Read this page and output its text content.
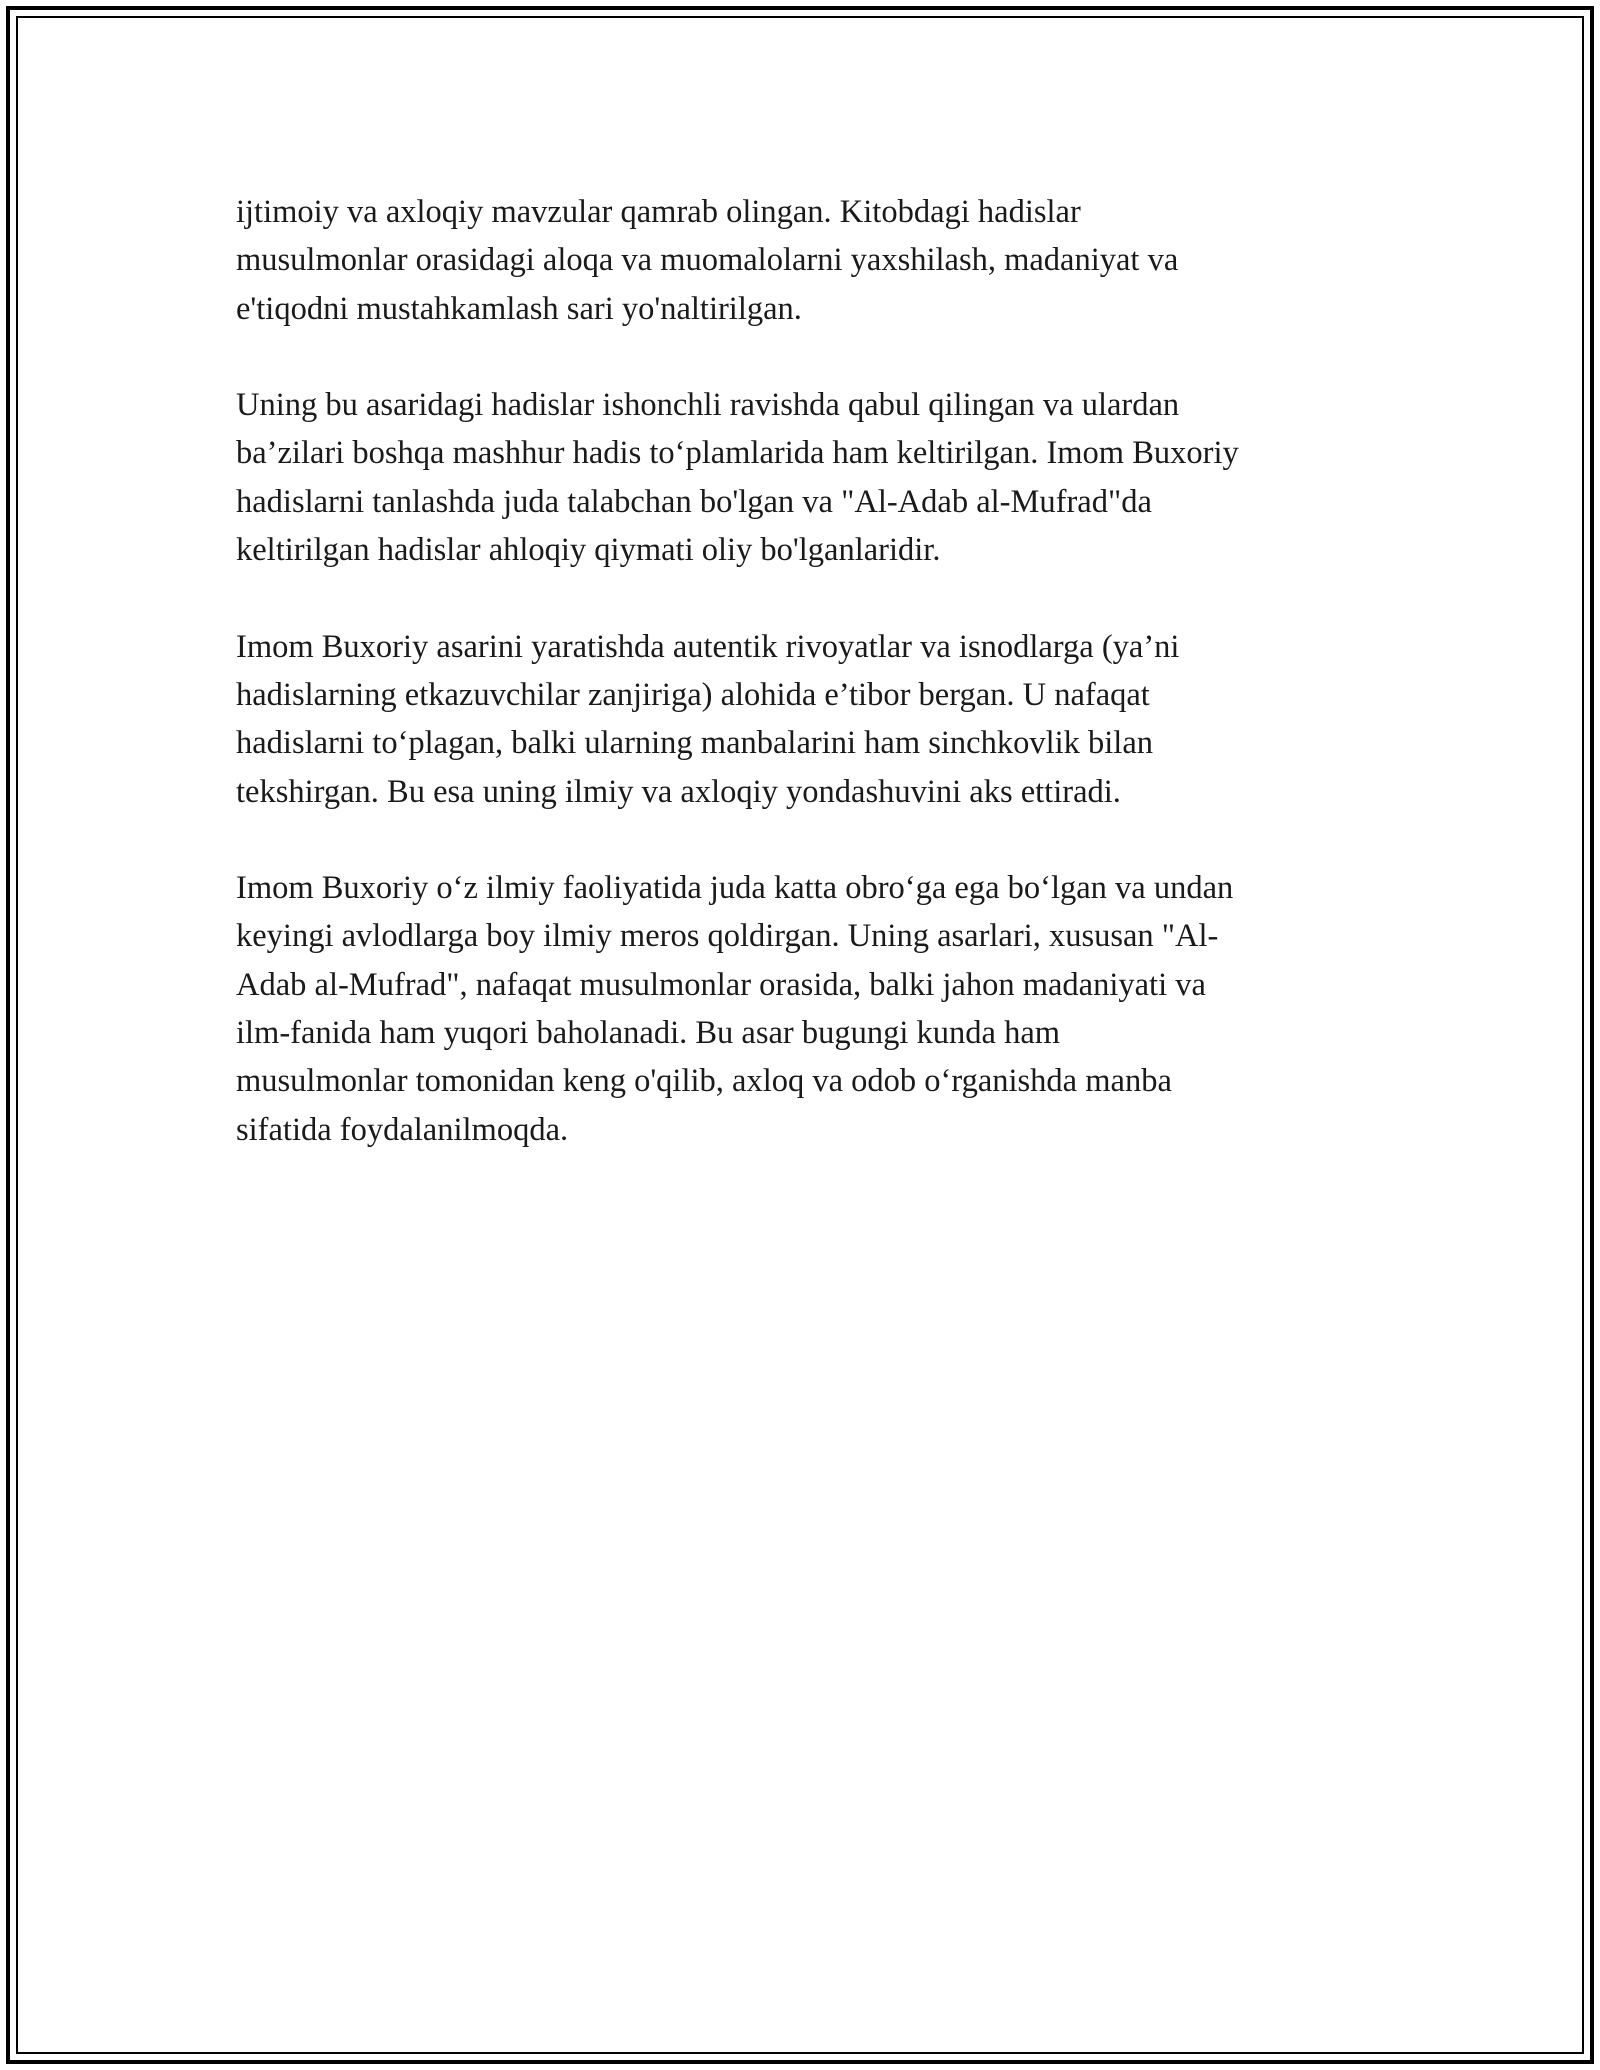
ijtimoiy va axloqiy mavzular qamrab olingan. Kitobdagi hadislar
musulmonlar orasidagi aloqa va muomalolarni yaxshilash, madaniyat va
e'tiqodni mustahkamlash sari yo'naltirilgan.

Uning bu asaridagi hadislar ishonchli ravishda qabul qilingan va ulardan
ba’zilari boshqa mashhur hadis to‘plamlarida ham keltirilgan. Imom Buxoriy
hadislarni tanlashda juda talabchan bo'lgan va "Al-Adab al-Mufrad"da
keltirilgan hadislar ahloqiy qiymati oliy bo'lganlaridir.

Imom Buxoriy asarini yaratishda autentik rivoyatlar va isnodlarga (ya’ni
hadislarning etkazuvchilar zanjiriga) alohida e’tibor bergan. U nafaqat
hadislarni to‘plagan, balki ularning manbalarini ham sinchkovlik bilan
tekshirgan. Bu esa uning ilmiy va axloqiy yondashuvini aks ettiradi.

Imom Buxoriy o‘z ilmiy faoliyatida juda katta obro‘ga ega bo‘lgan va undan
keyingi avlodlarga boy ilmiy meros qoldirgan. Uning asarlari, xususan "Al-
Adab al-Mufrad", nafaqat musulmonlar orasida, balki jahon madaniyati va
ilm-fanida ham yuqori baholanadi. Bu asar bugungi kunda ham
musulmonlar tomonidan keng o'qilib, axloq va odob o‘rganishda manba
sifatida foydalanilmoqda.
